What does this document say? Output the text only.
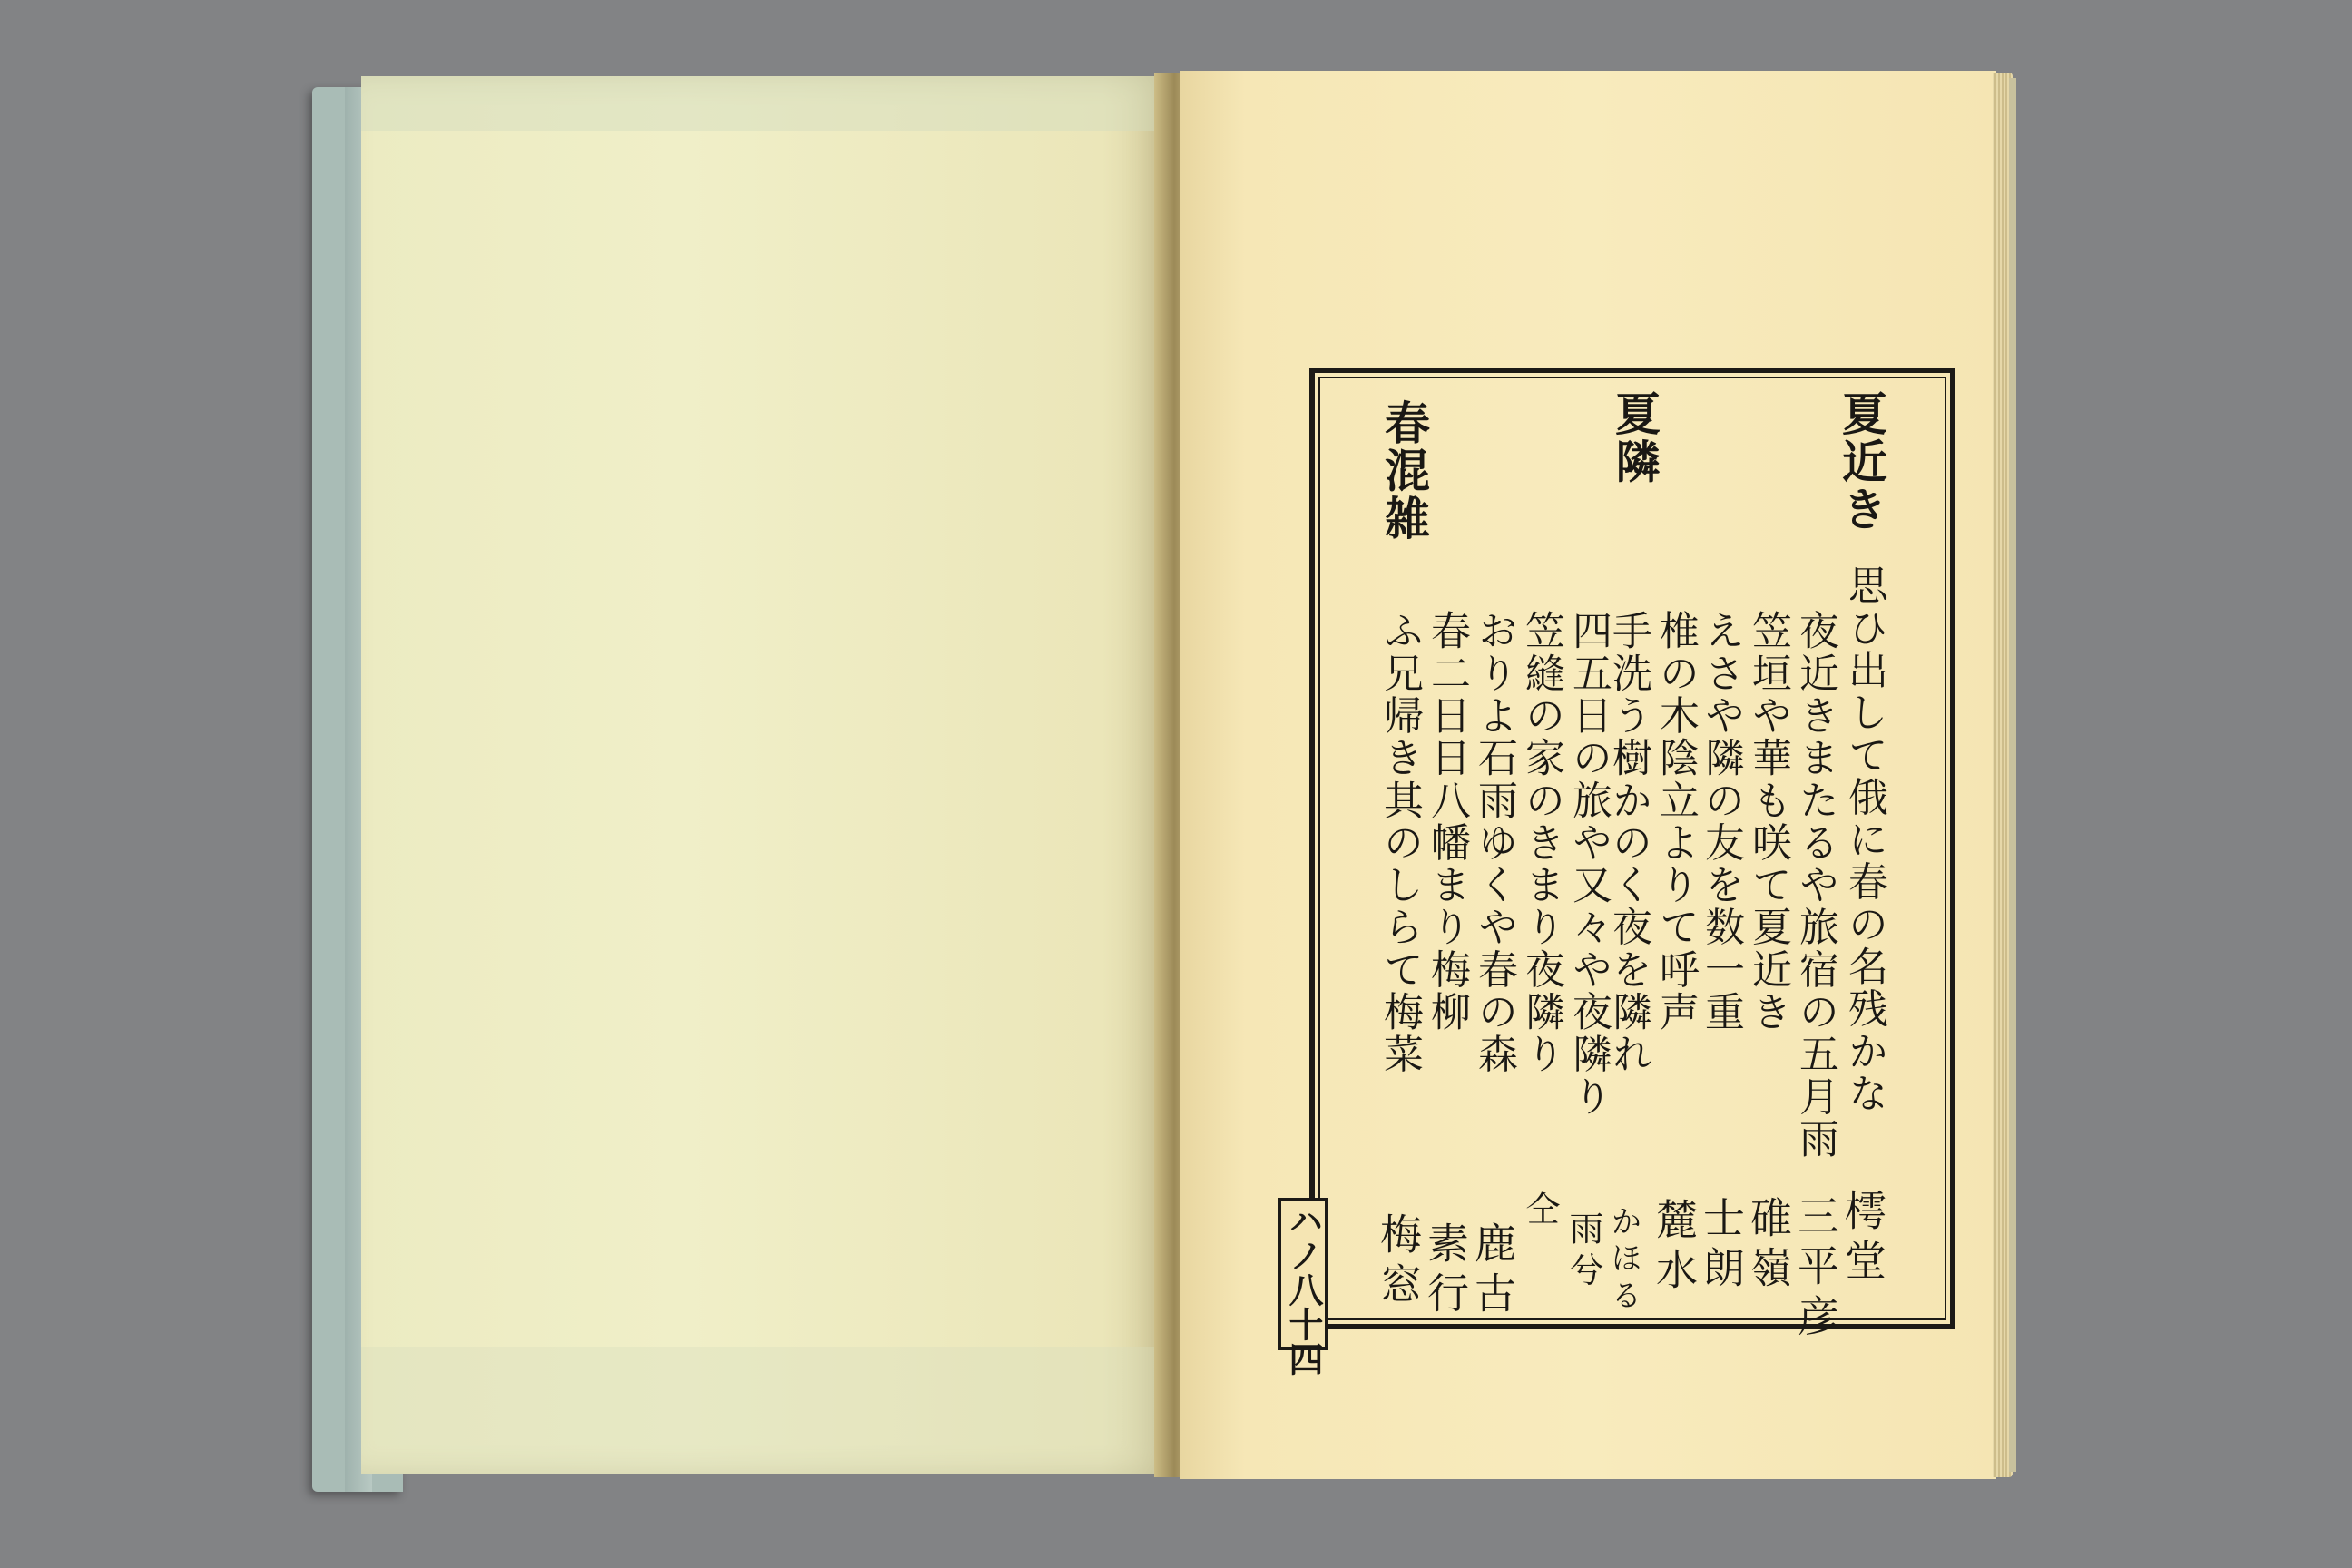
夏近き
夏隣
春混雑
思ひ出して俄に春の名残かな
夜近きまたるや旅宿の五月雨
笠垣や華も咲て夏近き
えさや隣の友を数一重
椎の木陰立よりて呼声
手洗う樹かのく夜を隣れ
四五日の旅や又々や夜隣り
笠縫の家のきまり夜隣り
おりよ石雨ゆくや春の森
春二日日八幡まり梅柳
ふ兄帰き其のしらて梅菜
樗堂
三平彦
碓嶺
士朗
麓水
かほる
雨兮
仝
鹿古
素行
梅窓
ハノ八十四
